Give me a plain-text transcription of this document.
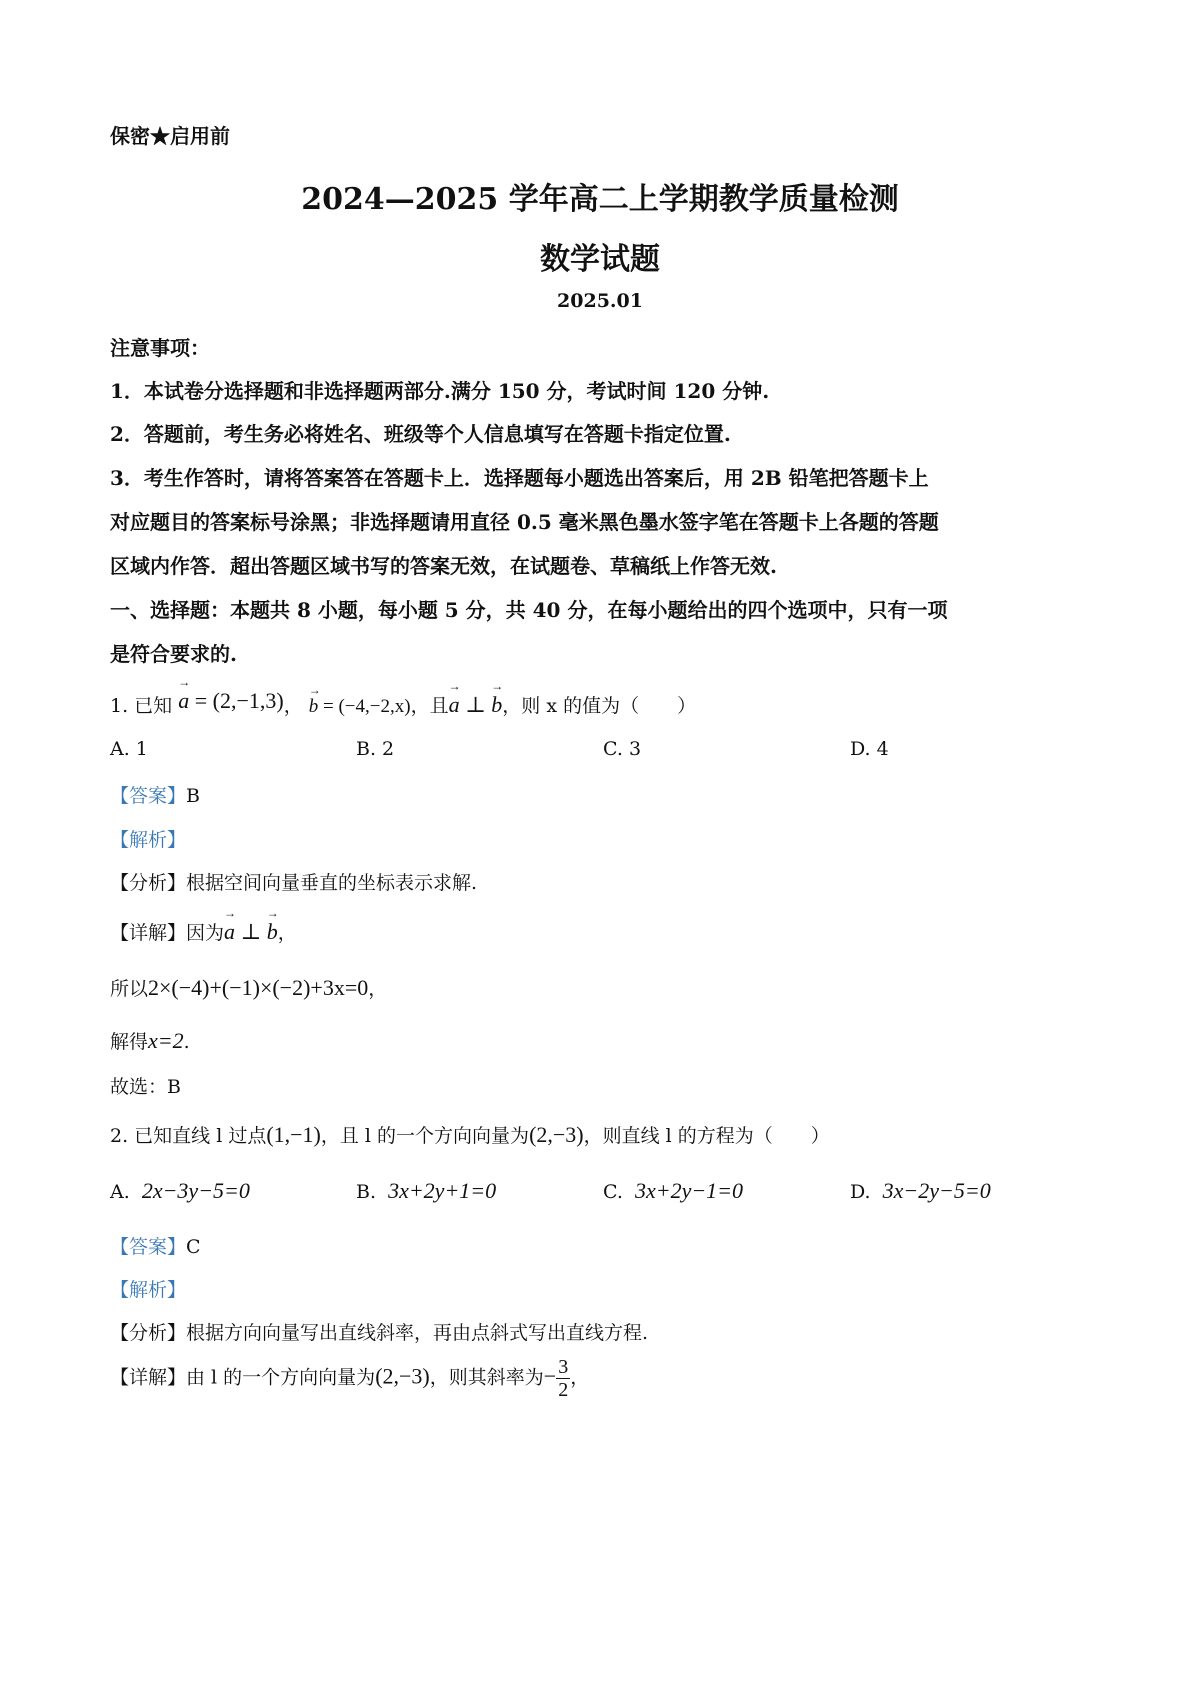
保密★启用前
2024—2025 学年高二上学期教学质量检测
数学试题
2025.01
注意事项：
1．本试卷分选择题和非选择题两部分.满分 150 分，考试时间 120 分钟.
2．答题前，考生务必将姓名、班级等个人信息填写在答题卡指定位置.
3．考生作答时，请将答案答在答题卡上．选择题每小题选出答案后，用 2B 铅笔把答题卡上
对应题目的答案标号涂黑；非选择题请用直径 0.5 毫米黑色墨水签字笔在答题卡上各题的答题
区域内作答．超出答题区域书写的答案无效，在试题卷、草稿纸上作答无效.
一、选择题：本题共 8 小题，每小题 5 分，共 40 分，在每小题给出的四个选项中，只有一项
是符合要求的.
1. 已知 → a = (2,−1,3)， → b = (−4,−2,x)，且→ a ⊥ → b，则 x 的值为（　　）
A. 1	B. 2	C. 3	D. 4
【答案】B
【解析】
【分析】根据空间向量垂直的坐标表示求解.
【详解】因为→ a ⊥ → b，
所以2×(−4)+(−1)×(−2)+3x=0，
解得x=2.
故选：B
2. 已知直线 l 过点(1,−1)，且 l 的一个方向向量为(2,−3)，则直线 l 的方程为（　　）
A. 2x−3y−5=0	B. 3x+2y+1=0	C. 3x+2y−1=0	D. 3x−2y−5=0
【答案】C
【解析】
【分析】根据方向向量写出直线斜率，再由点斜式写出直线方程.
【详解】由 l 的一个方向向量为(2,−3)，则其斜率为− $\frac{3}{2}$ ，
